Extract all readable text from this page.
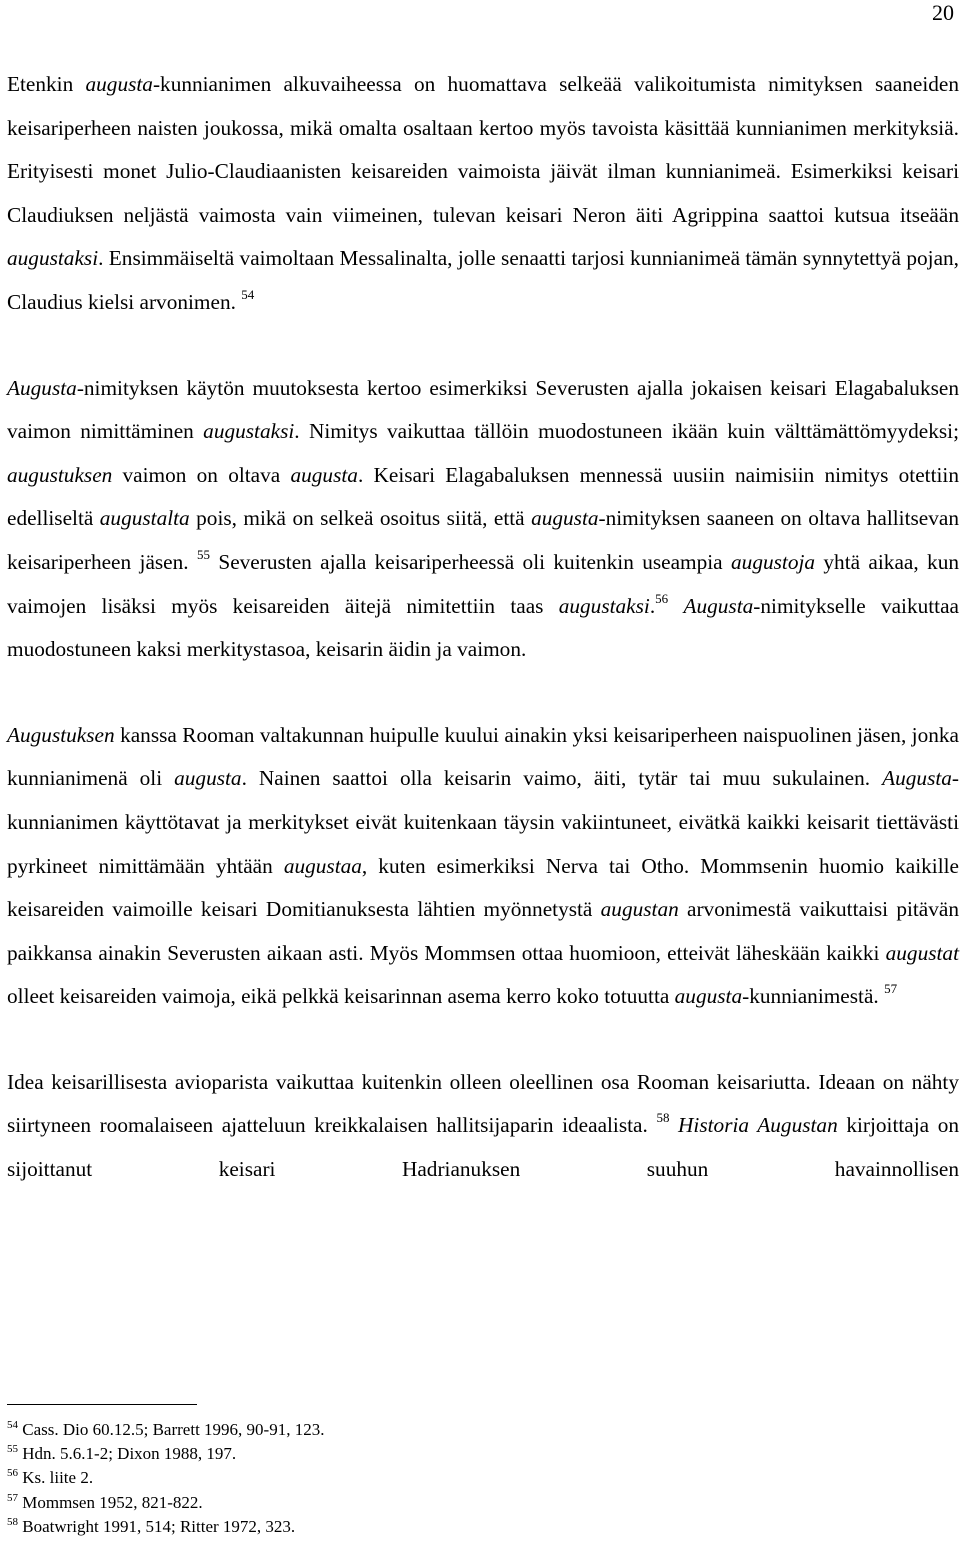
20

Etenkin augusta-kunnianimen alkuvaiheessa on huomattava selkeää valikoitumista nimityksen saaneiden keisariperheen naisten joukossa, mikä omalta osaltaan kertoo myös tavoista käsittää kunnianimen merkityksiä. Erityisesti monet Julio-Claudiaanisten keisareiden vaimoista jäivät ilman kunnianimeä. Esimerkiksi keisari Claudiuksen neljästä vaimosta vain viimeinen, tulevan keisari Neron äiti Agrippina saattoi kutsua itseään augustaksi. Ensimmäiseltä vaimoltaan Messalinalta, jolle senaatti tarjosi kunnianimeä tämän synnytettyä pojan, Claudius kielsi arvonimen. $^{54}$

Augusta-nimityksen käytön muutoksesta kertoo esimerkiksi Severusten ajalla jokaisen keisari Elagabaluksen vaimon nimittäminen augustaksi. Nimitys vaikuttaa tällöin muodostuneen ikään kuin välttämättömyydeksi; augustuksen vaimon on oltava augusta. Keisari Elagabaluksen mennessä uusiin naimisiin nimitys otettiin edelliseltä augustalta pois, mikä on selkeä osoitus siitä, että augusta-nimityksen saaneen on oltava hallitsevan keisariperheen jäsen. $^{55}$ Severusten ajalla keisariperheessä oli kuitenkin useampia augustoja yhtä aikaa, kun vaimojen lisäksi myös keisareiden äitejä nimitettiin taas augustaksi.$^{56}$ Augusta-nimitykselle vaikuttaa muodostuneen kaksi merkitystasoa, keisarin äidin ja vaimon.

Augustuksen kanssa Rooman valtakunnan huipulle kuului ainakin yksi keisariperheen naispuolinen jäsen, jonka kunnianimenä oli augusta. Nainen saattoi olla keisarin vaimo, äiti, tytär tai muu sukulainen. Augusta-kunnianimen käyttötavat ja merkitykset eivät kuitenkaan täysin vakiintuneet, eivätkä kaikki keisarit tiettävästi pyrkineet nimittämään yhtään augustaa, kuten esimerkiksi Nerva tai Otho. Mommsenin huomio kaikille keisareiden vaimoille keisari Domitianuksesta lähtien myönnetystä augustan arvonimestä vaikuttaisi pitävän paikkansa ainakin Severusten aikaan asti. Myös Mommsen ottaa huomioon, etteivät läheskään kaikki augustat olleet keisareiden vaimoja, eikä pelkkä keisarinnan asema kerro koko totuutta augusta-kunnianimestä. $^{57}$

Idea keisarillisesta avioparista vaikuttaa kuitenkin olleen oleellinen osa Rooman keisariutta. Ideaan on nähty siirtyneen roomalaiseen ajatteluun kreikkalaisen hallitsijaparin ideaalista. $^{58}$ Historia Augustan kirjoittaja on sijoittanut keisari Hadrianuksen suuhun havainnollisen

$^{54}$ Cass. Dio 60.12.5; Barrett 1996, 90-91, 123.
$^{55}$ Hdn. 5.6.1-2; Dixon 1988, 197.
$^{56}$ Ks. liite 2.
$^{57}$ Mommsen 1952, 821-822.
$^{58}$ Boatwright 1991, 514; Ritter 1972, 323.
